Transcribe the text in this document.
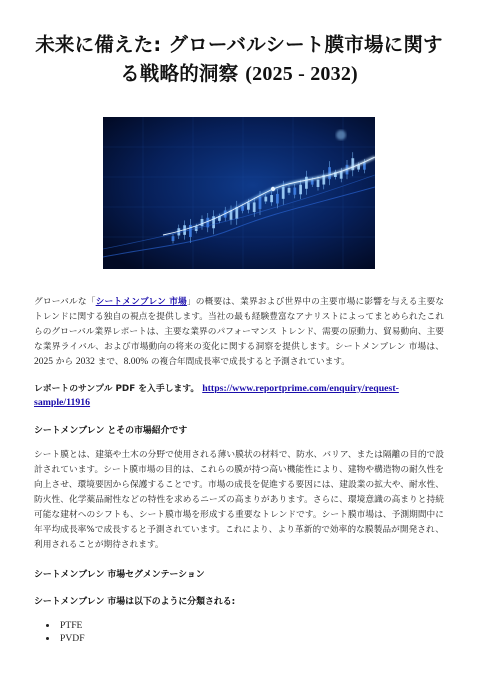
未来に備えた: グローバルシート膜市場に関す
る戦略的洞察 (2025 - 2032)

グローバルな「シートメンブレン 市場」の概要は、業界および世界中の主要市場に影響を与える主要なトレンドに関する独自の視点を提供します。当社の最も経験豊富なアナリストによってまとめられたこれらのグローバル業界レポートは、主要な業界のパフォーマンス トレンド、需要の原動力、貿易動向、主要な業界ライバル、および市場動向の将来の変化に関する洞察を提供します。シートメンブレン 市場は、2025 から 2032 まで、8.00% の複合年間成長率で成長すると予測されています。

レポートのサンプル PDF を入手します。 https://www.reportprime.com/enquiry/request-sample/11916

シートメンブレン とその市場紹介です

シート膜とは、建築や土木の分野で使用される薄い膜状の材料で、防水、バリア、または隔離の目的で設計されています。シート膜市場の目的は、これらの膜が持つ高い機能性により、建物や構造物の耐久性を向上させ、環境要因から保護することです。市場の成長を促進する要因には、建設業の拡大や、耐水性、防火性、化学薬品耐性などの特性を求めるニーズの高まりがあります。さらに、環境意識の高まりと持続可能な建材へのシフトも、シート膜市場を形成する重要なトレンドです。シート膜市場は、予測期間中に年平均成長率%で成長すると予測されています。これにより、より革新的で効率的な膜製品が開発され、利用されることが期待されます。

シートメンブレン 市場セグメンテーション

シートメンブレン 市場は以下のように分類される:

• PTFE
• PVDF
